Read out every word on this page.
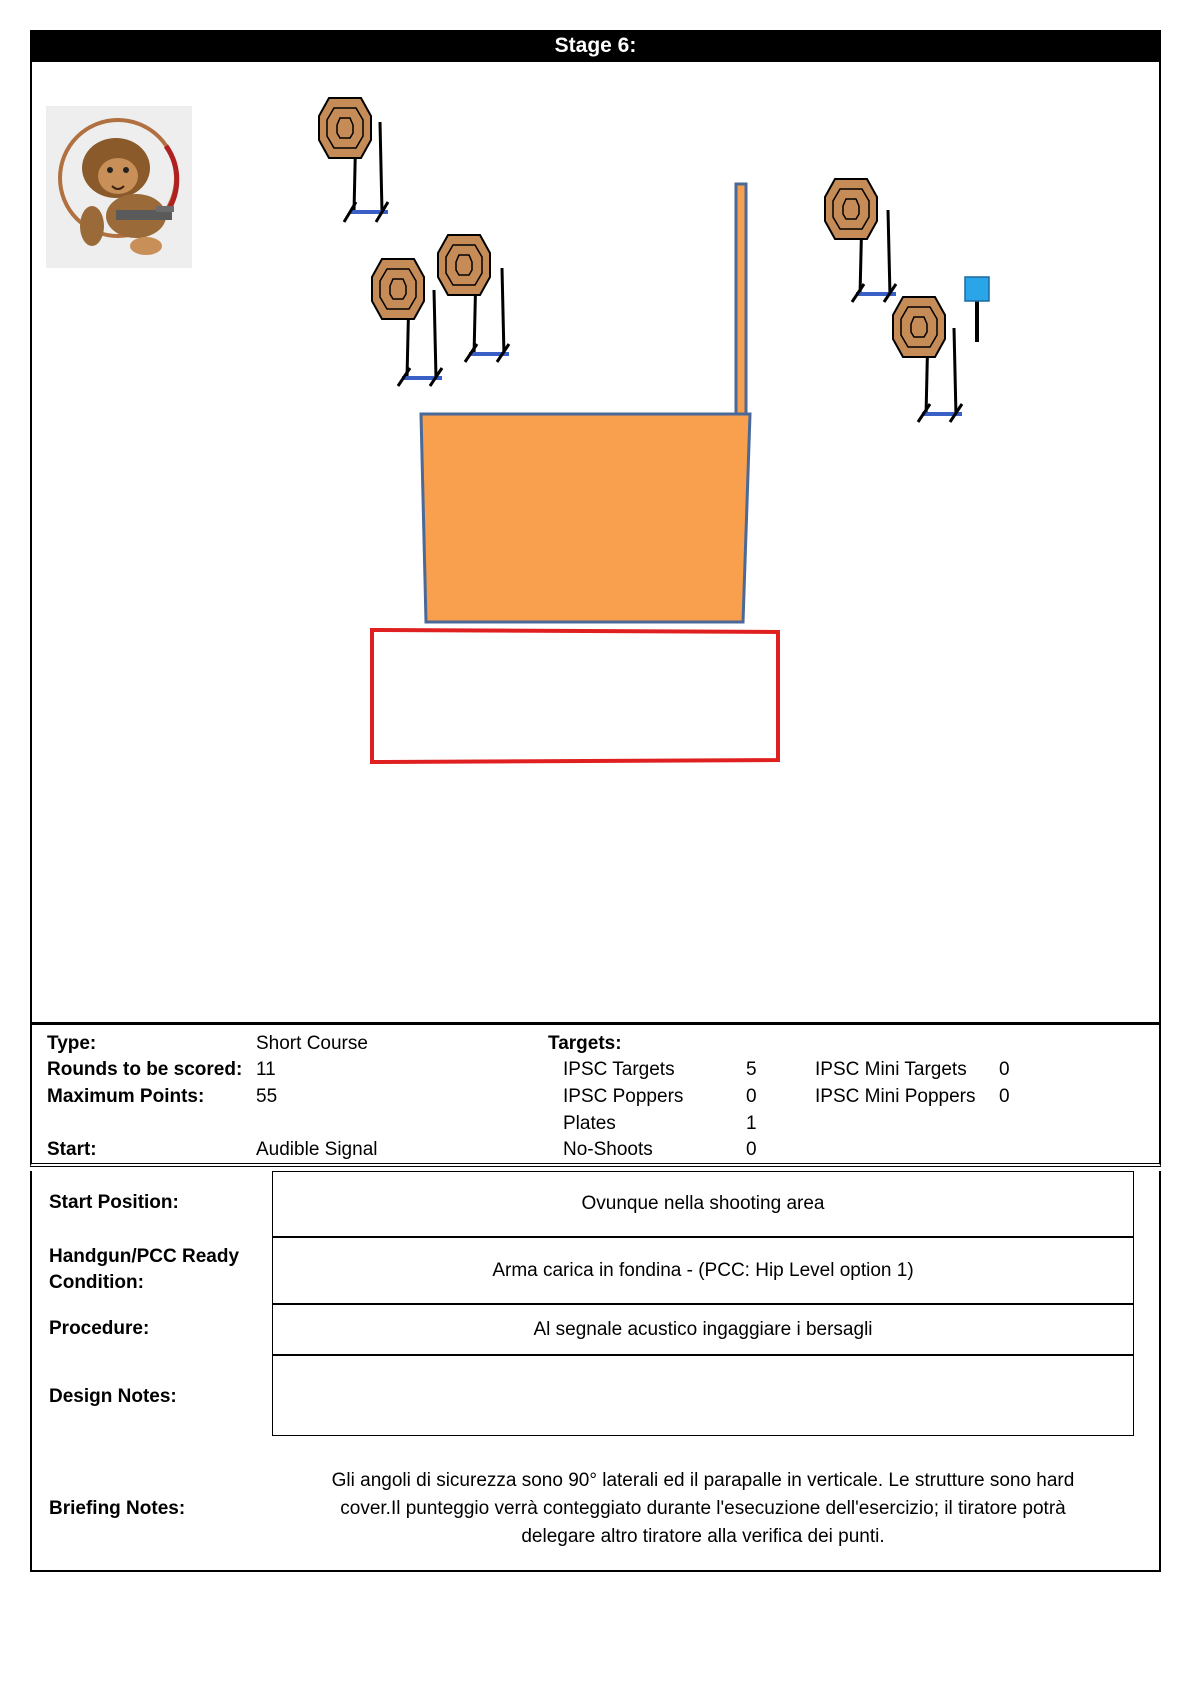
Stage 6:
Type:	Short Course
Rounds to be scored: 11
Maximum Points:	55
Start:	Audible Signal
Targets:
IPSC Targets	5
IPSC Poppers	0
Plates	1
No-Shoots	0
IPSC Mini Targets 0
IPSC Mini Poppers 0
Start Position:	Ovunque nella shooting area
Handgun/PCC Ready
Condition:
Arma carica in fondina - (PCC: Hip Level option 1)
Procedure:	Al segnale acustico ingaggiare i bersagli
Design Notes:
Briefing Notes:
Gli angoli di sicurezza sono 90° laterali ed il parapalle in verticale. Le strutture sono hard
cover.Il punteggio verrà conteggiato durante l'esecuzione dell'esercizio; il tiratore potrà
delegare altro tiratore alla verifica dei punti.
